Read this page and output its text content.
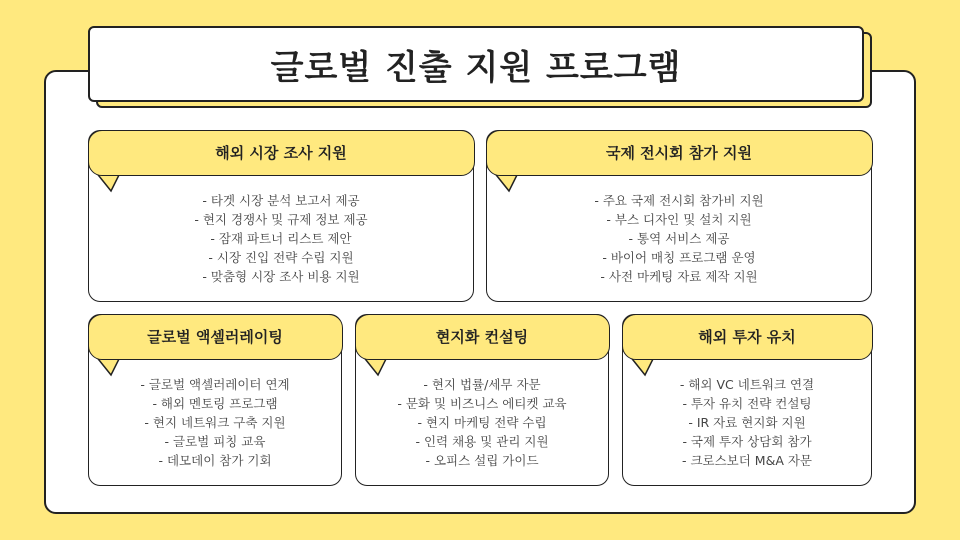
글로벌 진출 지원 프로그램
해외 시장 조사 지원
- 타겟 시장 분석 보고서 제공
- 현지 경쟁사 및 규제 정보 제공
- 잠재 파트너 리스트 제안
- 시장 진입 전략 수립 지원
- 맞춤형 시장 조사 비용 지원
국제 전시회 참가 지원
- 주요 국제 전시회 참가비 지원
- 부스 디자인 및 설치 지원
- 통역 서비스 제공
- 바이어 매칭 프로그램 운영
- 사전 마케팅 자료 제작 지원
글로벌 액셀러레이팅
- 글로벌 액셀러레이터 연계
- 해외 멘토링 프로그램
- 현지 네트워크 구축 지원
- 글로벌 피칭 교육
- 데모데이 참가 기회
현지화 컨설팅
- 현지 법률/세무 자문
- 문화 및 비즈니스 에티켓 교육
- 현지 마케팅 전략 수립
- 인력 채용 및 관리 지원
- 오피스 설립 가이드
해외 투자 유치
- 해외 VC 네트워크 연결
- 투자 유치 전략 컨설팅
- IR 자료 현지화 지원
- 국제 투자 상담회 참가
- 크로스보더 M&A 자문
